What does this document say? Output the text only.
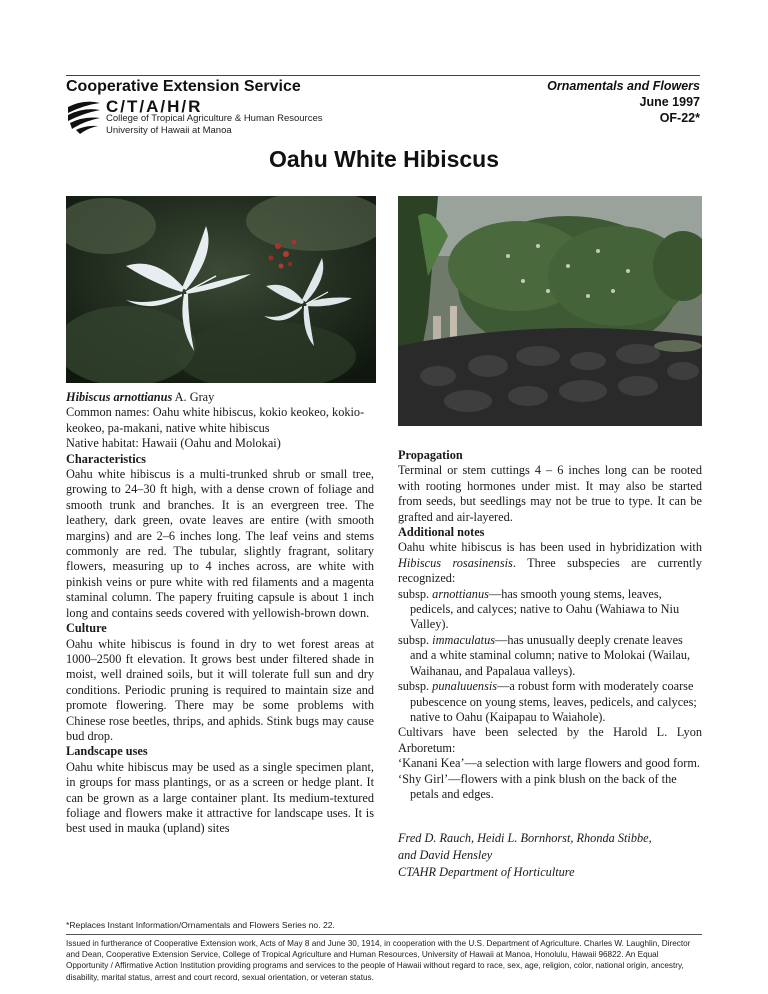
Cooperative Extension Service
C/T/A/H/R
College of Tropical Agriculture & Human Resources
University of Hawaii at Manoa
Ornamentals and Flowers
June 1997
OF-22*
Oahu White Hibiscus

Hibiscus arnottianus A. Gray

Common names: Oahu white hibiscus, kokio keokeo, kokio-keokeo, pa-makani, native white hibiscus

Native habitat: Hawaii (Oahu and Molokai)

Characteristics

Oahu white hibiscus is a multi-trunked shrub or small tree, growing to 24–30 ft high, with a dense crown of foliage and smooth trunk and branches. It is an evergreen tree. The leathery, dark green, ovate leaves are entire (with smooth margins) and are 2–6 inches long. The leaf veins and stems commonly are red. The tubular, slightly fragrant, solitary flowers, measuring up to 4 inches across, are white with pinkish veins or pure white with red filaments and a magenta staminal column. The papery fruiting capsule is about 1 inch long and contains seeds covered with yellowish-brown down.

Culture

Oahu white hibiscus is found in dry to wet forest areas at 1000–2500 ft elevation. It grows best under filtered shade in moist, well drained soils, but it will tolerate full sun and dry conditions. Periodic pruning is required to maintain size and promote flowering. There may be some problems with Chinese rose beetles, thrips, and aphids. Stink bugs may cause bud drop.

Landscape uses

Oahu white hibiscus may be used as a single specimen plant, in groups for mass plantings, or as a screen or hedge plant. It can be grown as a large container plant. Its medium-textured foliage and flowers make it attractive for landscape uses. It is best used in mauka (upland) sites

Propagation

Terminal or stem cuttings 4 – 6 inches long can be rooted with rooting hormones under mist. It may also be started from seeds, but seedlings may not be true to type. It can be grafted and air-layered.

Additional notes

Oahu white hibiscus is has been used in hybridization with Hibiscus rosasinensis. Three subspecies are currently recognized:

subsp. arnottianus—has smooth young stems, leaves, pedicels, and calyces; native to Oahu (Wahiawa to Niu Valley).

subsp. immaculatus—has unusually deeply crenate leaves and a white staminal column; native to Molokai (Wailau, Waihanau, and Papalaua valleys).

subsp. punaluuensis—a robust form with moderately coarse pubescence on young stems, leaves, pedicels, and calyces; native to Oahu (Kaipapau to Waiahole).

Cultivars have been selected by the Harold L. Lyon Arboretum:

‘Kanani Kea’—a selection with large flowers and good form.

‘Shy Girl’—flowers with a pink blush on the back of the petals and edges.

Fred D. Rauch, Heidi L. Bornhorst, Rhonda Stibbe,
and David Hensley
CTAHR Department of Horticulture

*Replaces Instant Information/Ornamentals and Flowers Series no. 22.
Issued in furtherance of Cooperative Extension work, Acts of May 8 and June 30, 1914, in cooperation with the U.S. Department of Agriculture. Charles W. Laughlin, Director and Dean, Cooperative Extension Service, College of Tropical Agriculture and Human Resources, University of Hawaii at Manoa, Honolulu, Hawaii 96822. An Equal Opportunity / Affirmative Action Institution providing programs and services to the people of Hawaii without regard to race, sex, age, religion, color, national origin, ancestry, disability, marital status, arrest and court record, sexual orientation, or veteran status.
